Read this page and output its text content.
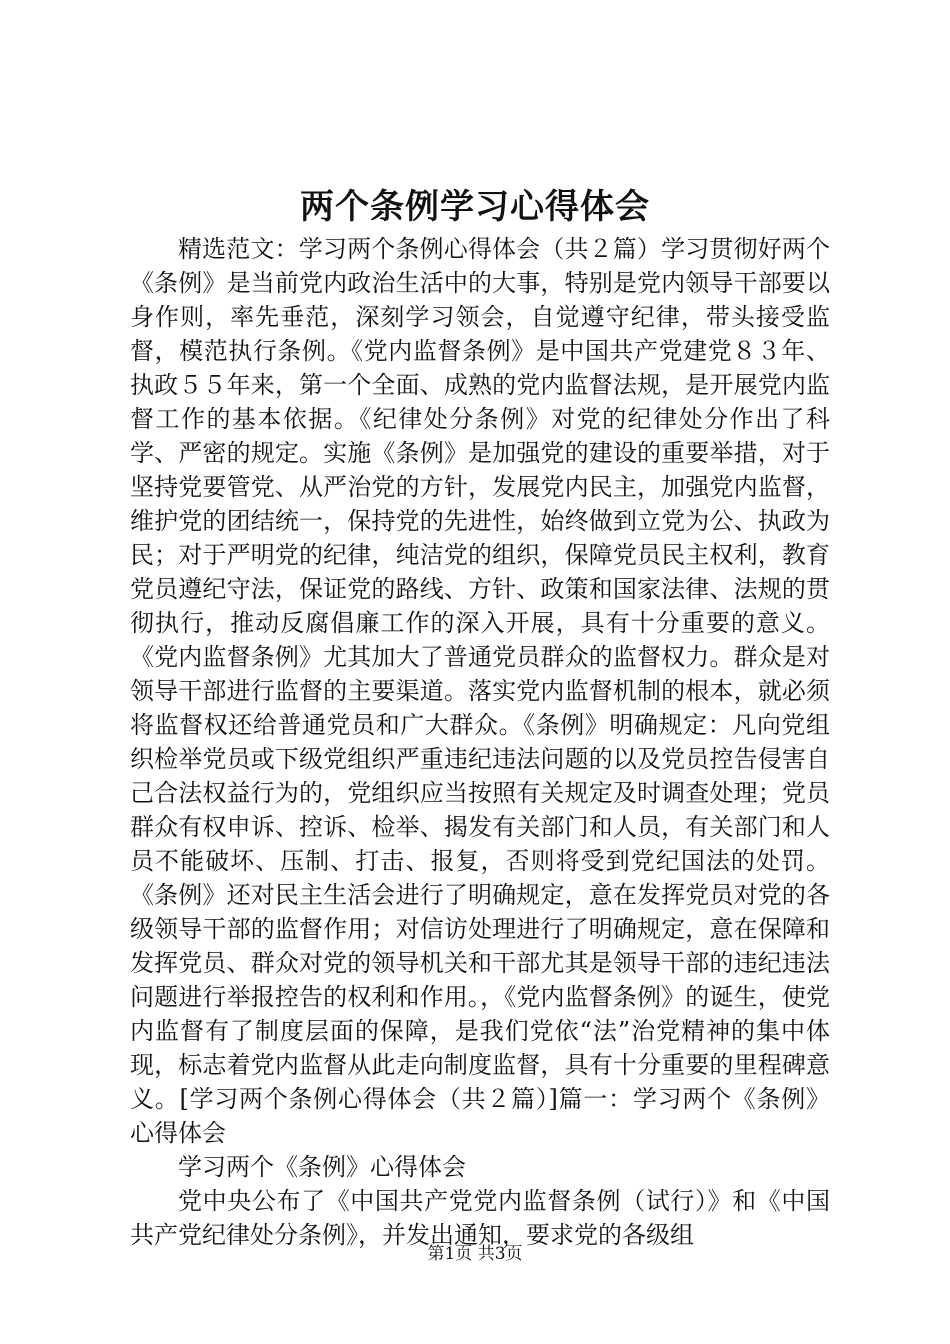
两个条例学习心得体会

精选范文：学习两个条例心得体会（共２篇）学习贯彻好两个《条例》是当前党内政治生活中的大事，特别是党内领导干部要以身作则，率先垂范，深刻学习领会，自觉遵守纪律，带头接受监督，模范执行条例。《党内监督条例》是中国共产党建党８３年、执政５５年来，第一个全面、成熟的党内监督法规，是开展党内监督工作的基本依据。《纪律处分条例》对党的纪律处分作出了科学、严密的规定。实施《条例》是加强党的建设的重要举措，对于坚持党要管党、从严治党的方针，发展党内民主，加强党内监督，维护党的团结统一，保持党的先进性，始终做到立党为公、执政为民；对于严明党的纪律，纯洁党的组织，保障党员民主权利，教育党员遵纪守法，保证党的路线、方针、政策和国家法律、法规的贯彻执行，推动反腐倡廉工作的深入开展，具有十分重要的意义。《党内监督条例》尤其加大了普通党员群众的监督权力。群众是对领导干部进行监督的主要渠道。落实党内监督机制的根本，就必须将监督权还给普通党员和广大群众。《条例》明确规定：凡向党组织检举党员或下级党组织严重违纪违法问题的以及党员控告侵害自己合法权益行为的，党组织应当按照有关规定及时调查处理；党员群众有权申诉、控诉、检举、揭发有关部门和人员，有关部门和人员不能破坏、压制、打击、报复，否则将受到党纪国法的处罚。《条例》还对民主生活会进行了明确规定，意在发挥党员对党的各级领导干部的监督作用；对信访处理进行了明确规定，意在保障和发挥党员、群众对党的领导机关和干部尤其是领导干部的违纪违法问题进行举报控告的权利和作用。，《党内监督条例》的诞生，使党内监督有了制度层面的保障，是我们党依“法”治党精神的集中体现，标志着党内监督从此走向制度监督，具有十分重要的里程碑意义。[学习两个条例心得体会（共２篇）]篇一：学习两个《条例》心得体会

学习两个《条例》心得体会

党中央公布了《中国共产党党内监督条例（试行）》和《中国共产党纪律处分条例》，并发出通知，要求党的各级组

第1页 共3页
